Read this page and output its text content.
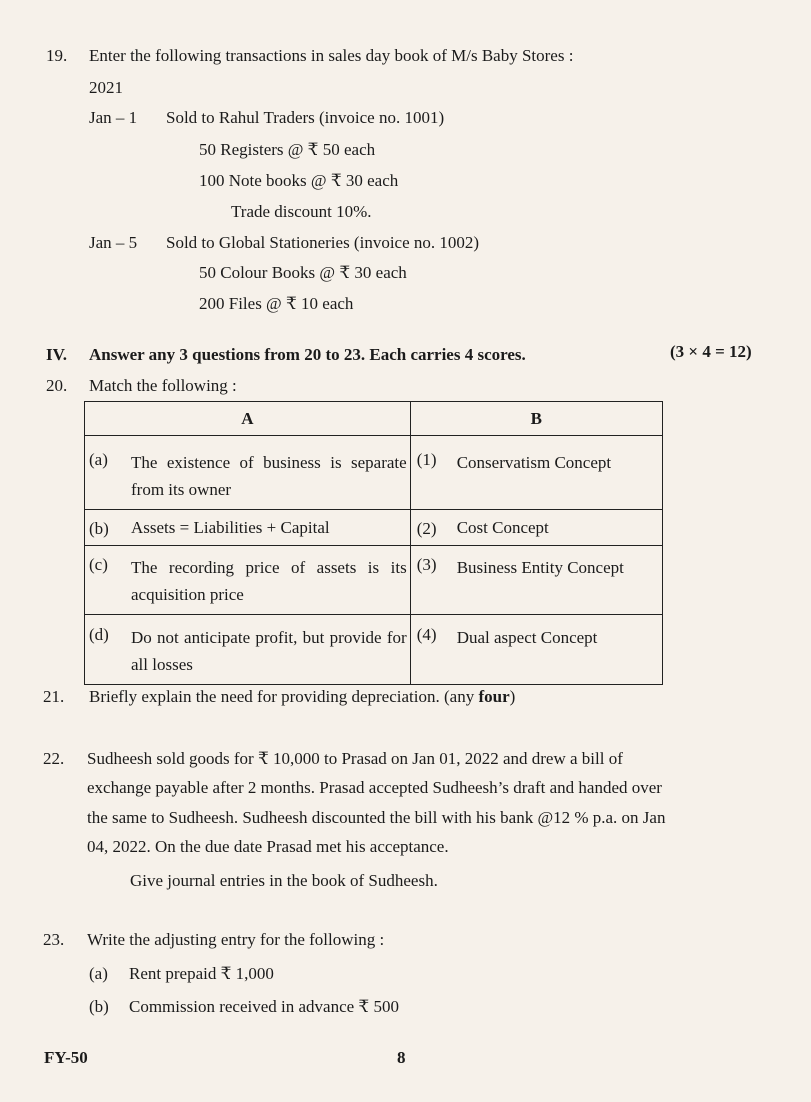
19. Enter the following transactions in sales day book of M/s Baby Stores :
2021
Jan – 1 Sold to Rahul Traders (invoice no. 1001)
50 Registers @ ₹ 50 each
100 Note books @ ₹ 30 each
Trade discount 10%.
Jan – 5 Sold to Global Stationeries (invoice no. 1002)
50 Colour Books @ ₹ 30 each
200 Files @ ₹ 10 each
IV. Answer any 3 questions from 20 to 23. Each carries 4 scores.	(3 × 4 = 12)
20. Match the following :
A	B

(a) The existence of business is separate from its owner	(1) Conservatism Concept

(b) Assets = Liabilities + Capital	(2) Cost Concept

(c) The recording price of assets is its acquisition price	(3) Business Entity Concept

(d) Do not anticipate profit, but provide for all losses	(4) Dual aspect Concept
21. Briefly explain the need for providing depreciation. (any four)
22. Sudheesh sold goods for ₹ 10,000 to Prasad on Jan 01, 2022 and drew a bill of
exchange payable after 2 months. Prasad accepted Sudheesh’s draft and handed over
the same to Sudheesh. Sudheesh discounted the bill with his bank @12 % p.a. on Jan
04, 2022. On the due date Prasad met his acceptance.
Give journal entries in the book of Sudheesh.
23. Write the adjusting entry for the following :
(a) Rent prepaid ₹ 1,000
(b) Commission received in advance ₹ 500
FY-50	8
